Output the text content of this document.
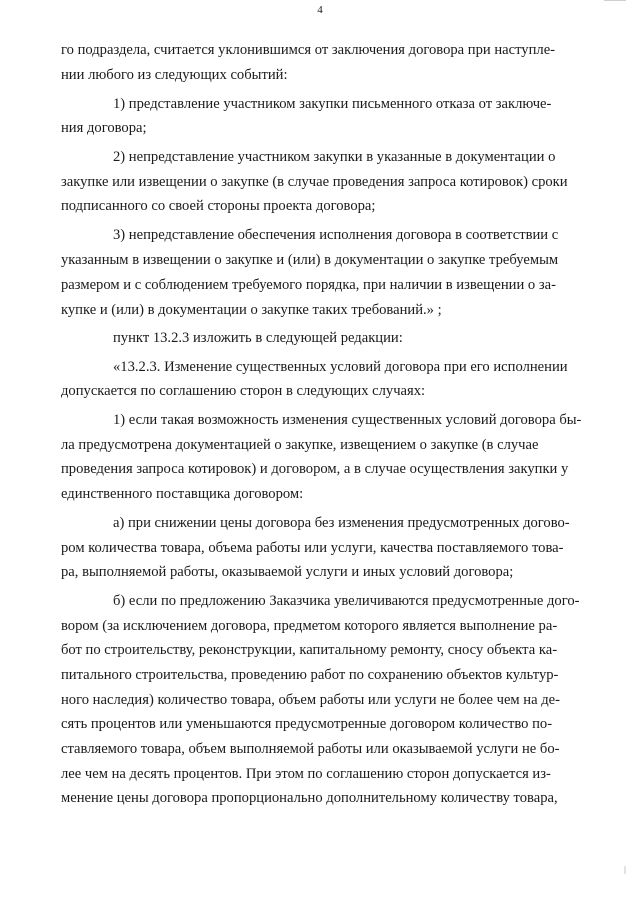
4
го подраздела, считается уклонившимся от заключения договора при наступле-
нии любого из следующих событий:
1) представление участником закупки письменного отказа от заключе-
ния договора;
2) непредставление участником закупки в указанные в документации о
закупке или извещении о закупке (в случае проведения запроса котировок) сроки
подписанного со своей стороны проекта договора;
3) непредставление обеспечения исполнения договора в соответствии с
указанным в извещении о закупке и (или) в документации о закупке требуемым
размером и с соблюдением требуемого порядка, при наличии в извещении о за-
купке и (или) в документации о закупке таких требований.» ;
пункт 13.2.3 изложить в следующей редакции:
«13.2.3. Изменение существенных условий договора при его исполнении
допускается по соглашению сторон в следующих случаях:
1) если такая возможность изменения существенных условий договора бы-
ла предусмотрена документацией о закупке, извещением о закупке (в случае
проведения запроса котировок) и договором, а в случае осуществления закупки у
единственного поставщика договором:
а) при снижении цены договора без изменения предусмотренных догово-
ром количества товара, объема работы или услуги, качества поставляемого това-
ра, выполняемой работы, оказываемой услуги и иных условий договора;
б) если по предложению Заказчика увеличиваются предусмотренные дого-
вором (за исключением договора, предметом которого является выполнение ра-
бот по строительству, реконструкции, капитальному ремонту, сносу объекта ка-
питального строительства, проведению работ по сохранению объектов культур-
ного наследия) количество товара, объем работы или услуги не более чем на де-
сять процентов или уменьшаются предусмотренные договором количество по-
ставляемого товара, объем выполняемой работы или оказываемой услуги не бо-
лее чем на десять процентов. При этом по соглашению сторон допускается из-
менение цены договора пропорционально дополнительному количеству товара,
